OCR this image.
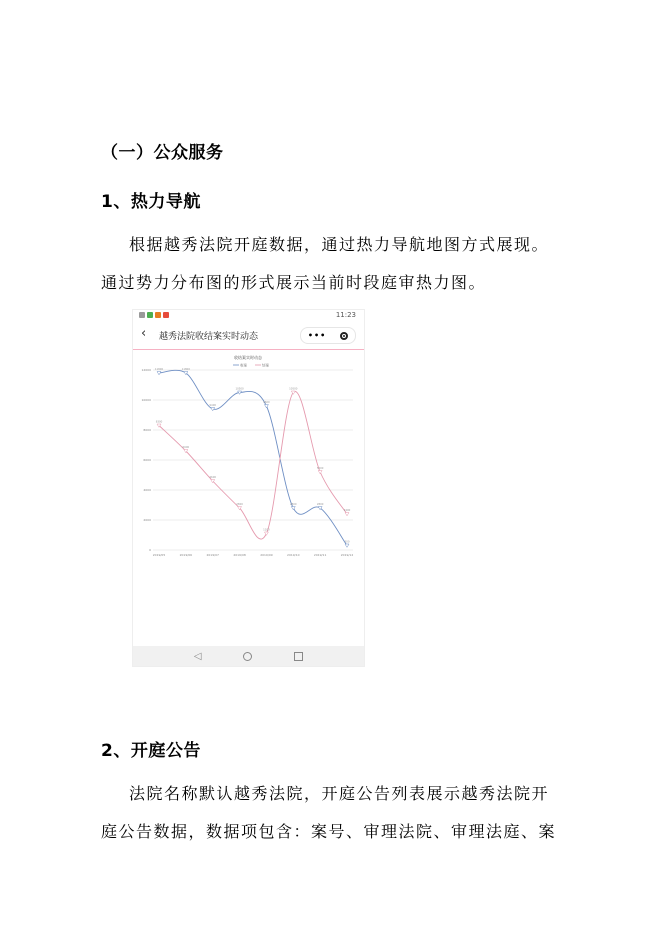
（一）公众服务
1、热力导航

根据越秀法院开庭数据，通过热力导航地图方式展现。

通过势力分布图的形式展示当前时段庭审热力图。

11:23
‹ 越秀法院收结案实时动态	•••
收结案实时动态
收案	结案
0
2000
4000
6000
8000
10000
12000
2019/05	2019/06	2019/07	2019/08	2019/09	2019/10	2019/11	2019/12
11800	11800
9400
10500
9600
2800	2800
300
8300
6600
4600
2800
1100
10500
5200
2400
◁
2、开庭公告

法院名称默认越秀法院，开庭公告列表展示越秀法院开

庭公告数据，数据项包含：案号、审理法院、审理法庭、案
